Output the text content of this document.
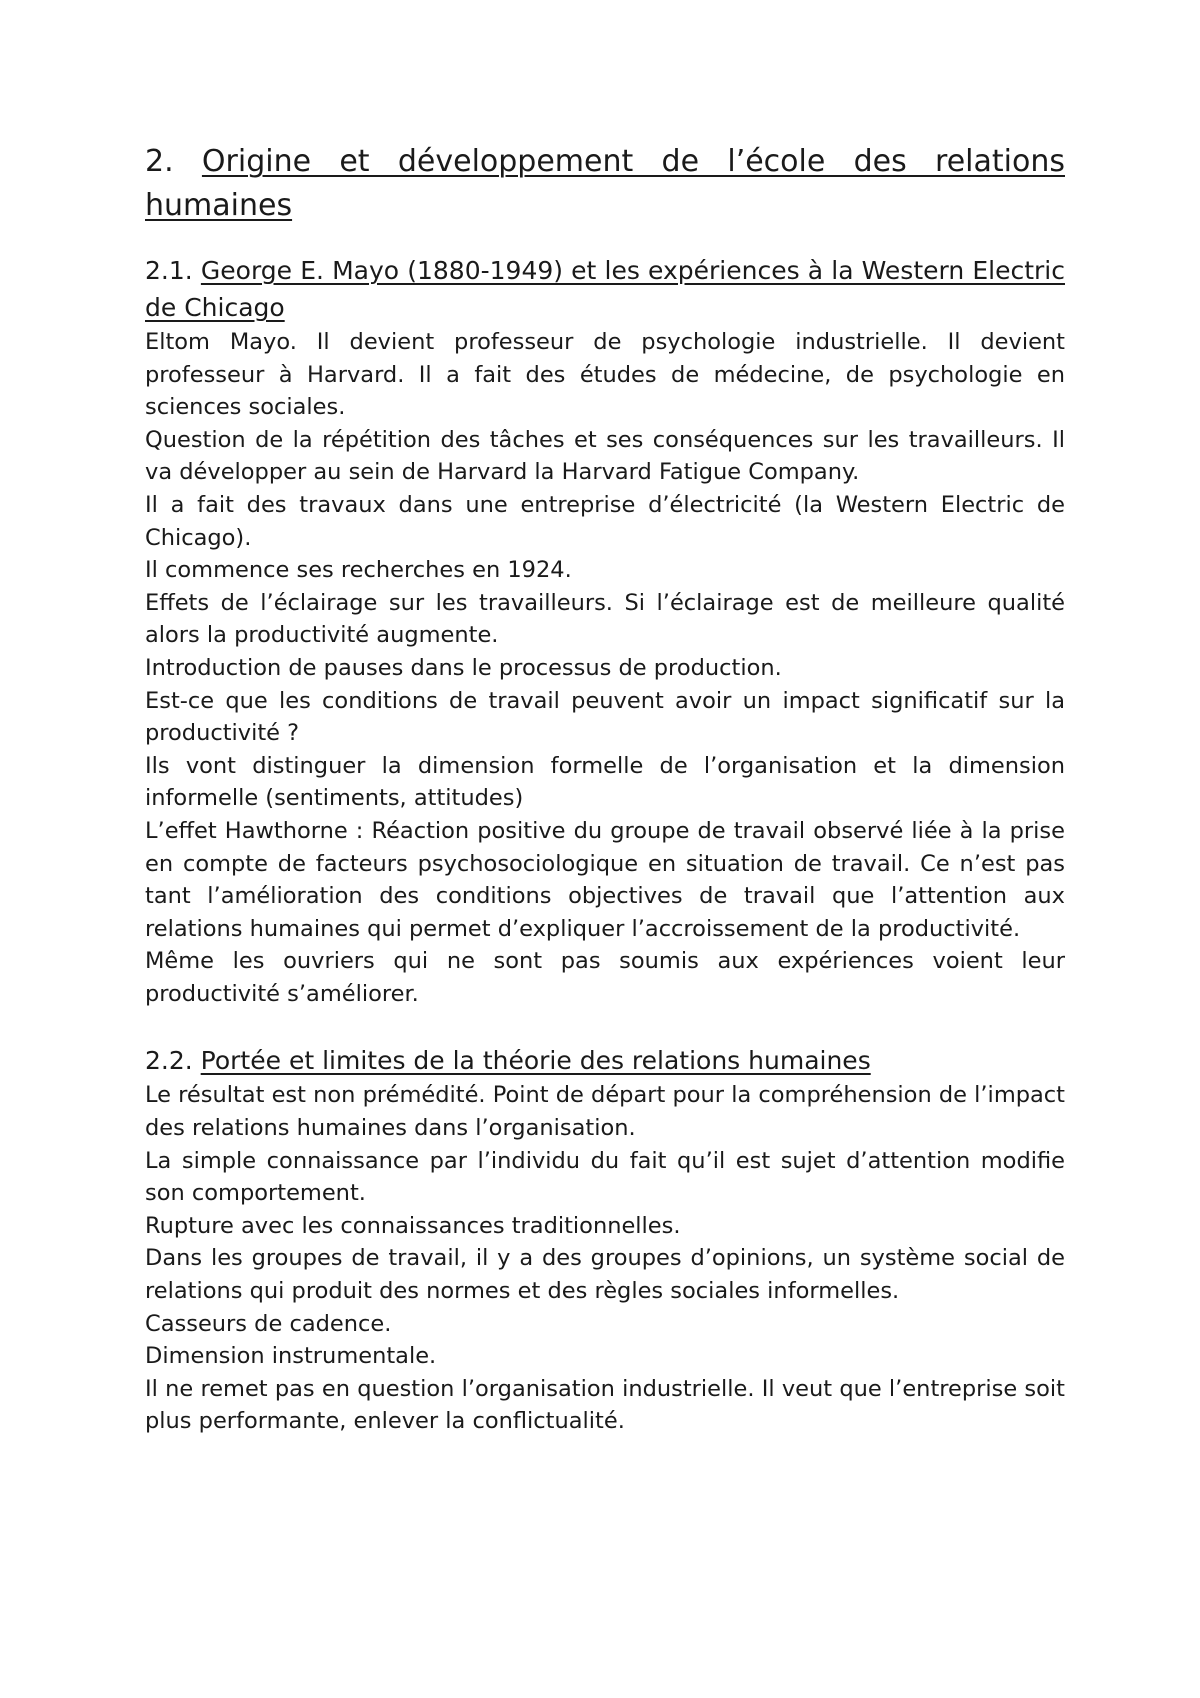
2. Origine et développement de l’école des relations humaines
2.1. George E. Mayo (1880-1949) et les expériences à la Western Electric de Chicago

Eltom Mayo. Il devient professeur de psychologie industrielle. Il devient professeur à Harvard. Il a fait des études de médecine, de psychologie en sciences sociales.

Question de la répétition des tâches et ses conséquences sur les travailleurs. Il va développer au sein de Harvard la Harvard Fatigue Company.

Il a fait des travaux dans une entreprise d’électricité (la Western Electric de Chicago).

Il commence ses recherches en 1924.

Effets de l’éclairage sur les travailleurs. Si l’éclairage est de meilleure qualité alors la productivité augmente.

Introduction de pauses dans le processus de production.

Est-ce que les conditions de travail peuvent avoir un impact significatif sur la productivité ?

Ils vont distinguer la dimension formelle de l’organisation et la dimension informelle (sentiments, attitudes)

L’effet Hawthorne : Réaction positive du groupe de travail observé liée à la prise en compte de facteurs psychosociologique en situation de travail. Ce n’est pas tant l’amélioration des conditions objectives de travail que l’attention aux relations humaines qui permet d’expliquer l’accroissement de la productivité.

Même les ouvriers qui ne sont pas soumis aux expériences voient leur productivité s’améliorer.

2.2. Portée et limites de la théorie des relations humaines

Le résultat est non prémédité. Point de départ pour la compréhension de l’impact des relations humaines dans l’organisation.

La simple connaissance par l’individu du fait qu’il est sujet d’attention modifie son comportement.

Rupture avec les connaissances traditionnelles.

Dans les groupes de travail, il y a des groupes d’opinions, un système social de relations qui produit des normes et des règles sociales informelles.

Casseurs de cadence.

Dimension instrumentale.

Il ne remet pas en question l’organisation industrielle. Il veut que l’entreprise soit plus performante, enlever la conflictualité.
